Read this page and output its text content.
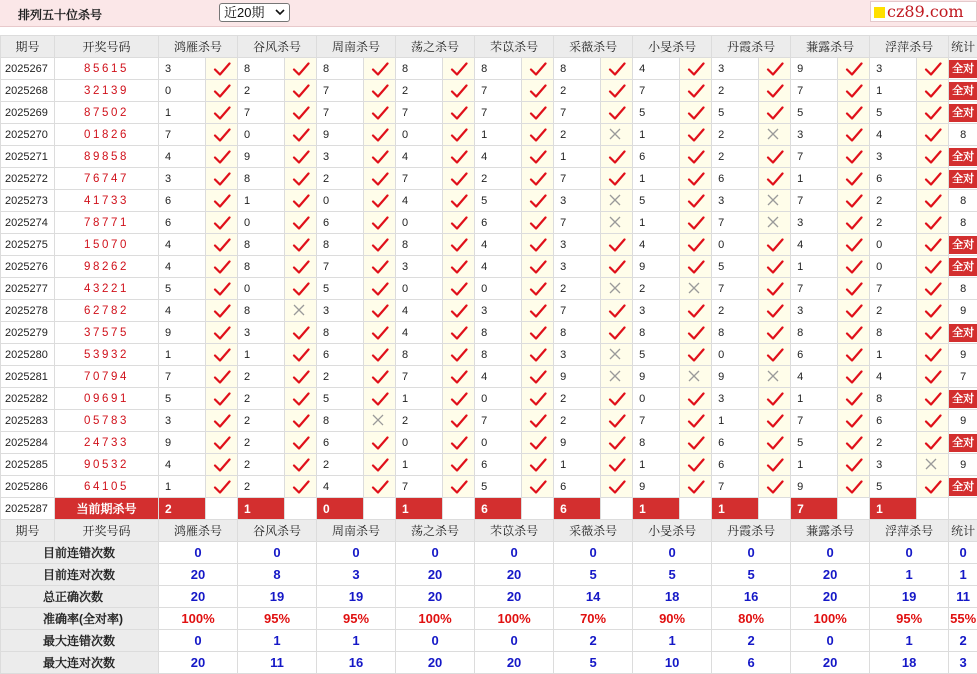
排列五十位杀号	近20期	cz89.com
期号	开奖号码	鸿雁杀号		谷风杀号		周南杀号		荡之杀号		芣苡杀号		采薇杀号		小旻杀号		丹霞杀号		蒹露杀号		浮萍杀号		统计
2025267	85615	3		8		8		8		8		8		4		3		9		3		全对
2025268	32139	0		2		7		2		7		2		7		2		7		1		全对
2025269	87502	1		7		7		7		7		7		5		5		5		5		全对
2025270	01826	7		0		9		0		1		2		1		2		3		4		8
2025271	89858	4		9		3		4		4		1		6		2		7		3		全对
2025272	76747	3		8		2		7		2		7		1		6		1		6		全对
2025273	41733	6		1		0		4		5		3		5		3		7		2		8
2025274	78771	6		0		6		0		6		7		1		7		3		2		8
2025275	15070	4		8		8		8		4		3		4		0		4		0		全对
2025276	98262	4		8		7		3		4		3		9		5		1		0		全对
2025277	43221	5		0		5		0		0		2		2		7		7		7		8
2025278	62782	4		8		3		4		3		7		3		2		3		2		9
2025279	37575	9		3		8		4		8		8		8		8		8		8		全对
2025280	53932	1		1		6		8		8		3		5		0		6		1		9
2025281	70794	7		2		2		7		4		9		9		9		4		4		7
2025282	09691	5		2		5		1		0		2		0		3		1		8		全对
2025283	05783	3		2		8		2		7		2		7		1		7		6		9
2025284	24733	9		2		6		0		0		9		8		6		5		2		全对
2025285	90532	4		2		2		1		6		1		1		6		1		3		9
2025286	64105	1		2		4		7		5		6		9		7		9		5		全对
2025287	当前期杀号	2		1		0		1		6		6		1		1		7		1		
期号	开奖号码	鸿雁杀号		谷风杀号		周南杀号		荡之杀号		芣苡杀号		采薇杀号		小旻杀号		丹霞杀号		蒹露杀号		浮萍杀号		统计
目前连错次数		0		0		0		0		0		0		0		0		0		0		0
目前连对次数		20		8		3		20		20		5		5		5		20		1		1
总正确次数		20		19		19		20		20		14		18		16		20		19		11
准确率(全对率)		100%		95%		95%		100%		100%		70%		90%		80%		100%		95%		55%
最大连错次数		0		1		1		0		0		2		1		2		0		1		2
最大连对次数		20		11		16		20		20		5		10		6		20		18		3
